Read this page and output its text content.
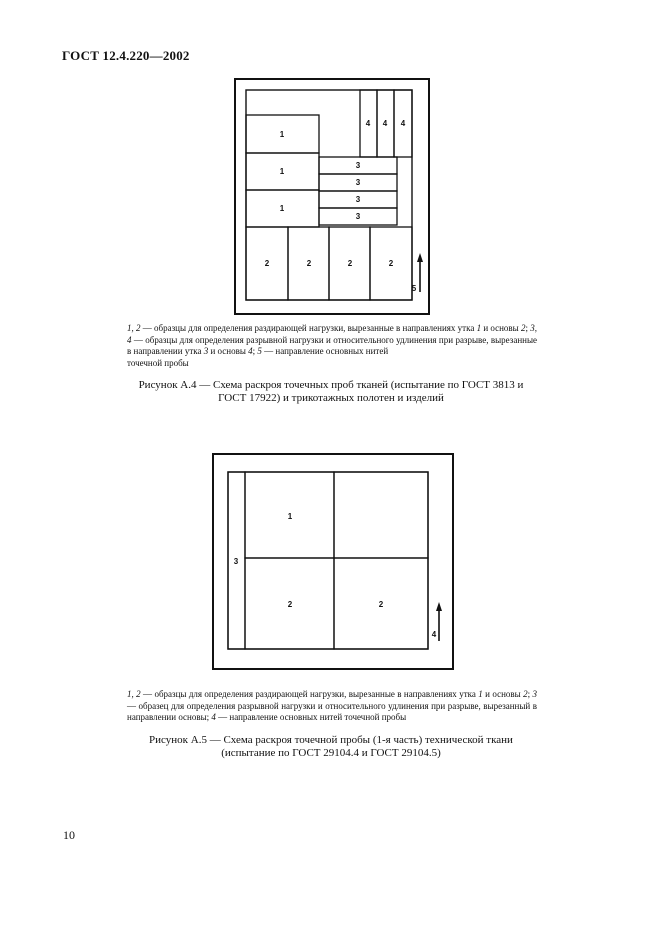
ГОСТ 12.4.220—2002
1
1
1
2	2	2	2
3
3
3
3
4 4 4
5
1, 2 — образцы для определения раздирающей нагрузки, вырезанные в направлениях утка 1 и основы 2; 3, 4 — образцы для определения разрывной нагрузки и относительного удлинения при разрыве, вырезанные в направлении утка 3 и основы 4; 5 — направление основных нитей
точечной пробы
Рисунок А.4 — Схема раскроя точечных проб тканей (испытание по ГОСТ 3813 и
ГОСТ 17922) и трикотажных полотен и изделий
1
2	2
3
4
1, 2 — образцы для определения раздирающей нагрузки, вырезанные в направлениях утка 1 и основы 2; 3 — образец для определения разрывной нагрузки и относительного удлинения при разрыве, вырезанный в направлении основы; 4 — направление основных нитей точечной пробы
Рисунок А.5 — Схема раскроя точечной пробы (1-я часть) технической ткани
(испытание по ГОСТ 29104.4 и ГОСТ 29104.5)
10
